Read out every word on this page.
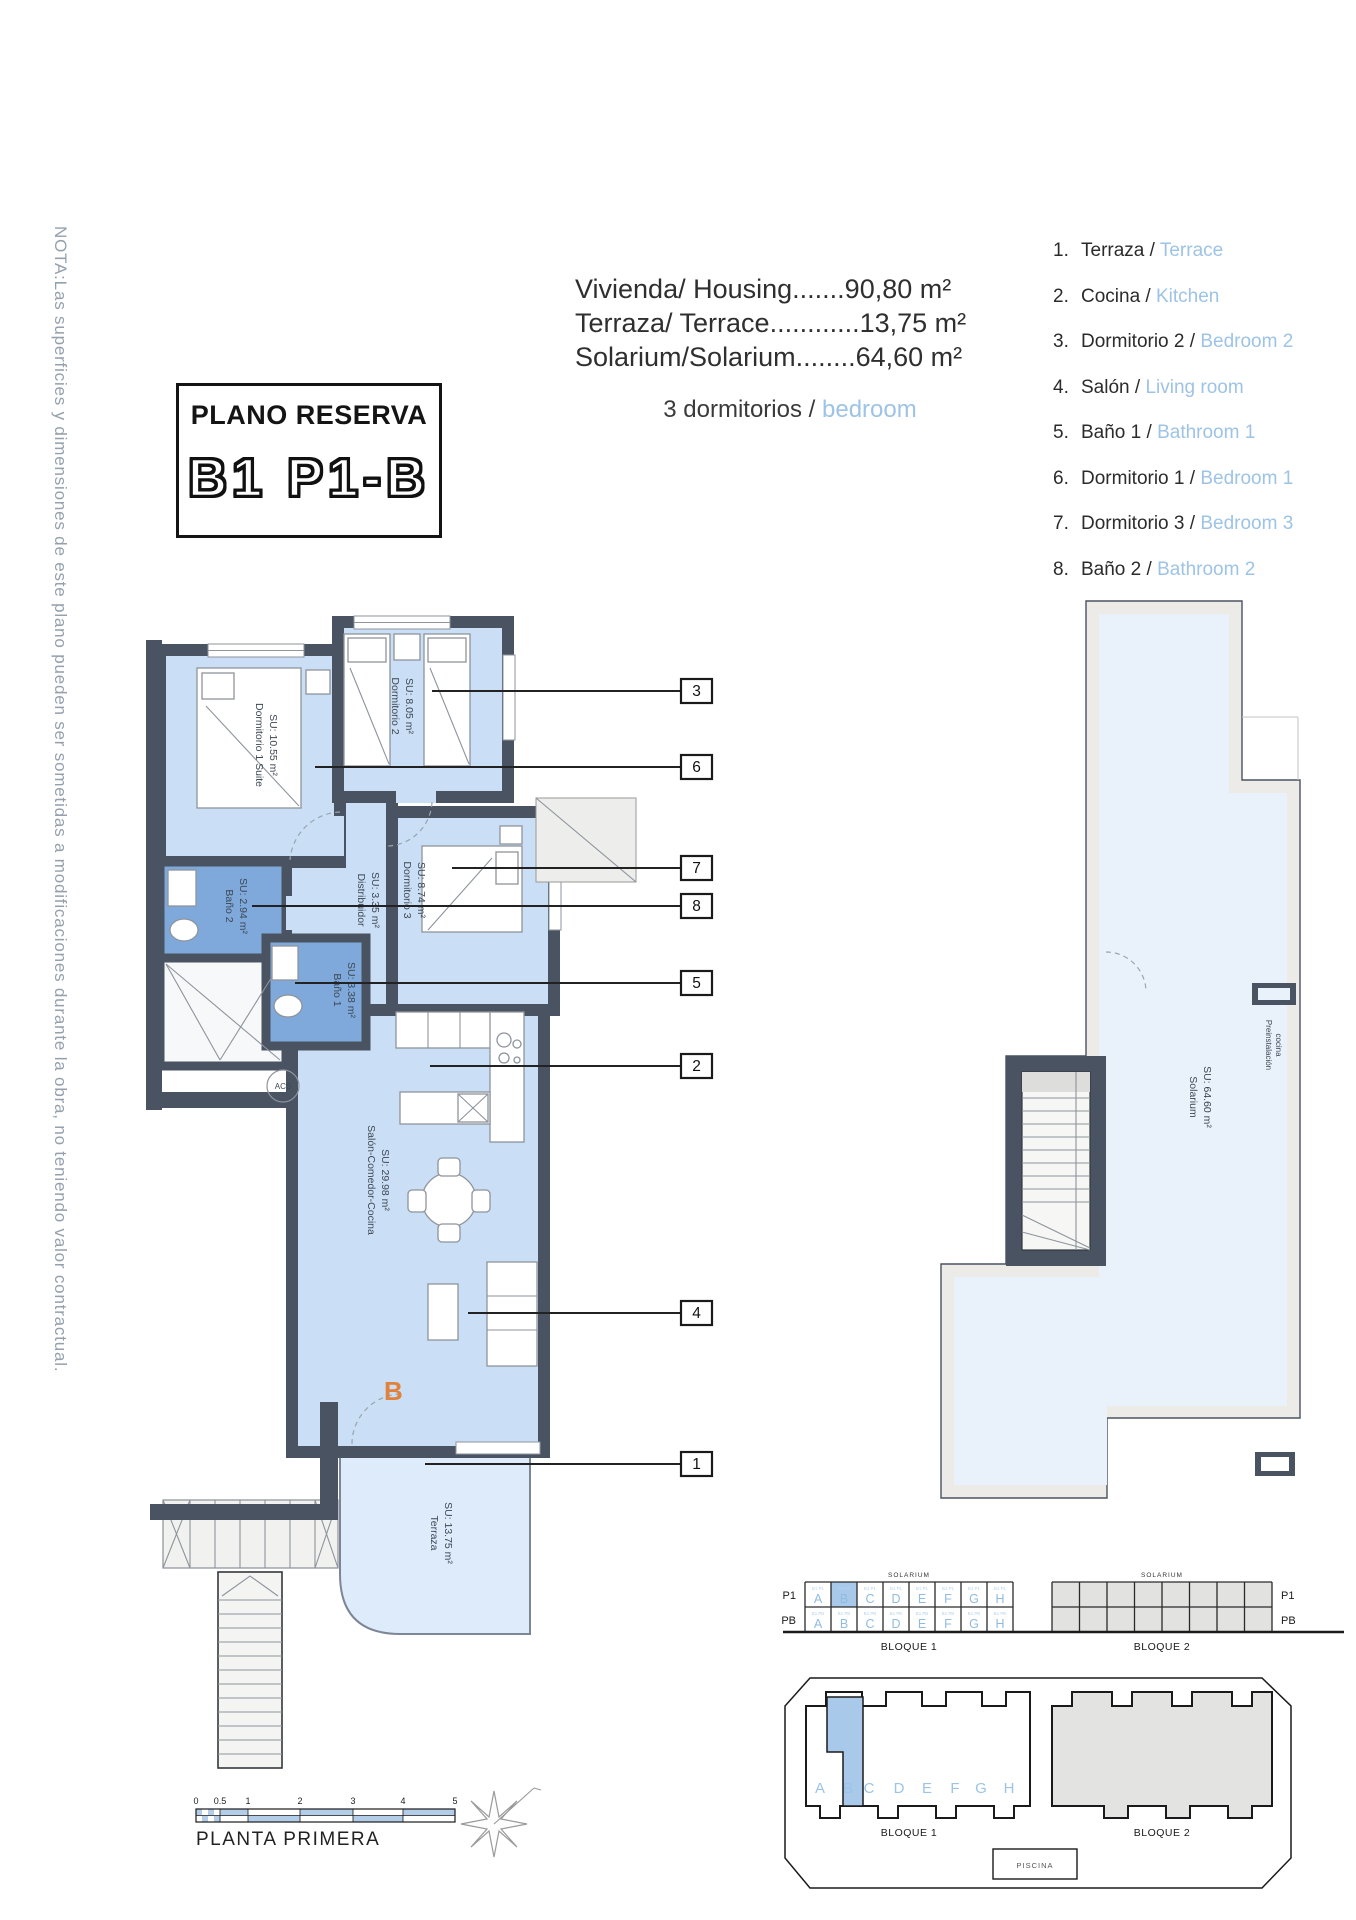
NOTA:Las superficies y dimensiones de este plano pueden ser sometidas a modificaciones durante la obra, no teniendo valor contractual.	PLANO RESERVA
B1 P1-B
Vivienda/ Housing.......90,80 m²
Terraza/ Terrace............13,75 m²
Solarium/Solarium........64,60 m²
3 dormitorios / bedroom
1. Terraza / Terrace
2. Cocina / Kitchen
3. Dormitorio 2 / Bedroom 2
4. Salón / Living room
5. Baño 1 / Bathroom 1
6. Dormitorio 1 / Bedroom 1
7. Dormitorio 3 / Bedroom 3
8. Baño 2 / Bathroom 2
ACS
Dormitorio 1 Suite SU: 10.55 m²
Dormitorio 2 SU: 8.05 m²
Baño 2 SU: 2.94 m²	Distribuidor SU: 3.35 m² Dormitorio 3 SU: 8.74 m²
Baño 1 SU: 3.38 m²
Salón-Comedor-Cocina SU: 29.98 m²
Terraza SU: 13.75 m²
B
3
6
7
8
5
2
4
1
Solarium SU: 64.60 m²
Preinstalación cocina
SOLARIUM
B1 P1	B1 P1	B1 P1	B1 P1	B1 P1	B1 P1	B1 P1	B1 P1
A B C D E F G H
B1 PB	B1 PB	B1 PB	B1 PB	B1 PB	B1 PB	B1 PB	B1 PB
A B C D E F G H
P1
PB
SOLARIUM
P1
PB
BLOQUE 1	BLOQUE 2
A B C D E F G H
BLOQUE 1	BLOQUE 2
PISCINA
0 0.5 1	2	3	4	5
PLANTA PRIMERA
